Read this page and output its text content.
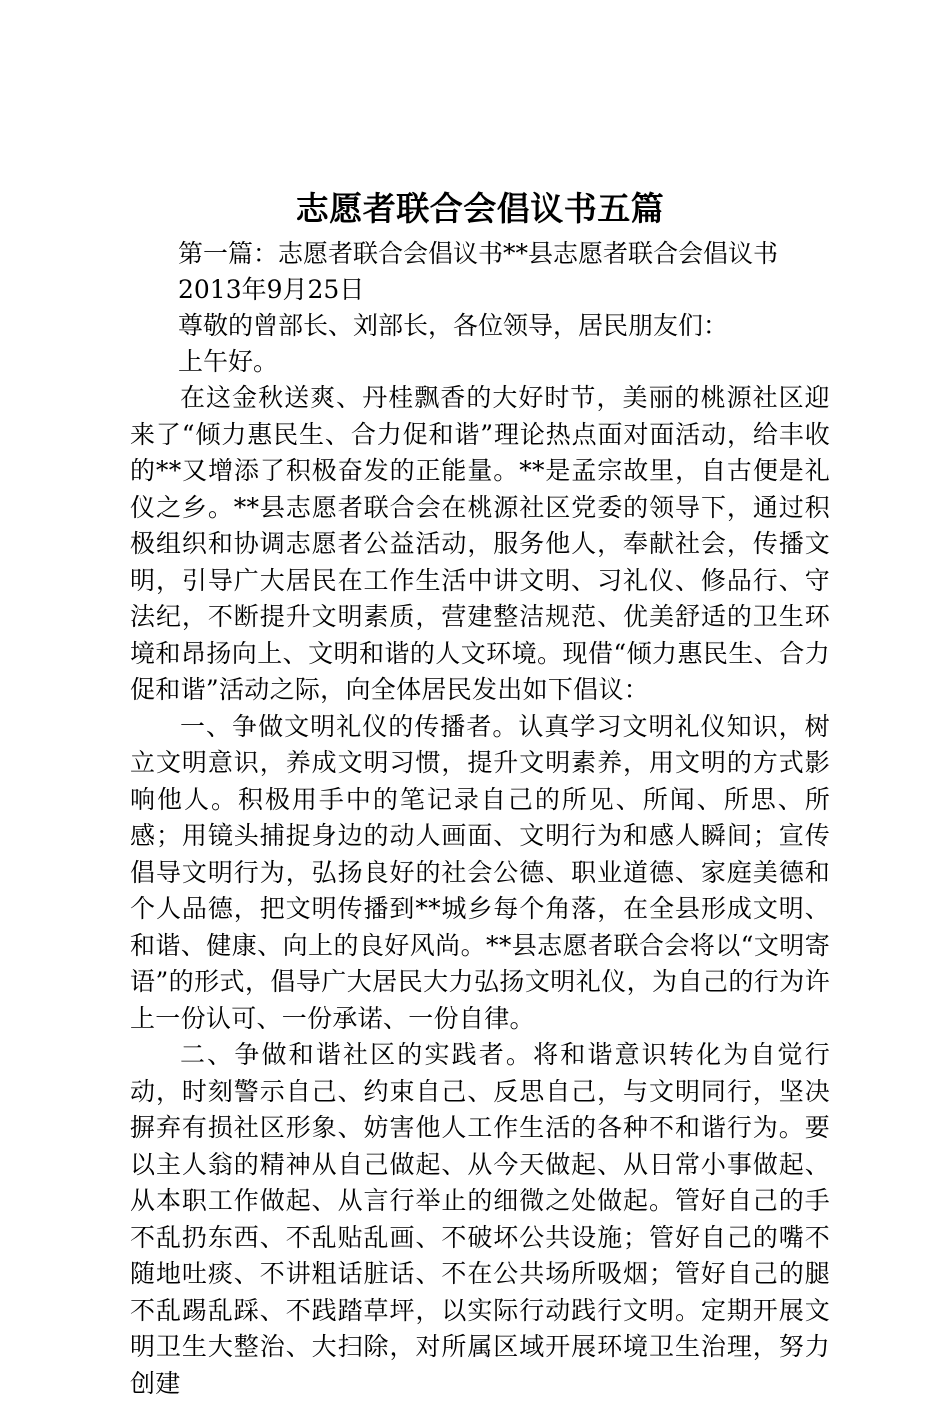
志愿者联合会倡议书五篇

第一篇：志愿者联合会倡议书**县志愿者联合会倡议书

2013年9月25日

尊敬的曾部长、刘部长，各位领导，居民朋友们：

上午好。

在这金秋送爽、丹桂飘香的大好时节，美丽的桃源社区迎来了“倾力惠民生、合力促和谐”理论热点面对面活动，给丰收的**又增添了积极奋发的正能量。**是孟宗故里，自古便是礼仪之乡。**县志愿者联合会在桃源社区党委的领导下，通过积极组织和协调志愿者公益活动，服务他人，奉献社会，传播文明，引导广大居民在工作生活中讲文明、习礼仪、修品行、守法纪，不断提升文明素质，营建整洁规范、优美舒适的卫生环境和昂扬向上、文明和谐的人文环境。现借“倾力惠民生、合力促和谐”活动之际，向全体居民发出如下倡议：

一、争做文明礼仪的传播者。认真学习文明礼仪知识，树立文明意识，养成文明习惯，提升文明素养，用文明的方式影响他人。积极用手中的笔记录自己的所见、所闻、所思、所感；用镜头捕捉身边的动人画面、文明行为和感人瞬间；宣传倡导文明行为，弘扬良好的社会公德、职业道德、家庭美德和个人品德，把文明传播到**城乡每个角落，在全县形成文明、和谐、健康、向上的良好风尚。**县志愿者联合会将以“文明寄语”的形式，倡导广大居民大力弘扬文明礼仪，为自己的行为许上一份认可、一份承诺、一份自律。

二、争做和谐社区的实践者。将和谐意识转化为自觉行动，时刻警示自己、约束自己、反思自己，与文明同行，坚决摒弃有损社区形象、妨害他人工作生活的各种不和谐行为。要以主人翁的精神从自己做起、从今天做起、从日常小事做起、从本职工作做起、从言行举止的细微之处做起。管好自己的手不乱扔东西、不乱贴乱画、不破坏公共设施；管好自己的嘴不随地吐痰、不讲粗话脏话、不在公共场所吸烟；管好自己的腿不乱踢乱踩、不践踏草坪，以实际行动践行文明。定期开展文明卫生大整治、大扫除，对所属区域开展环境卫生治理，努力创建
